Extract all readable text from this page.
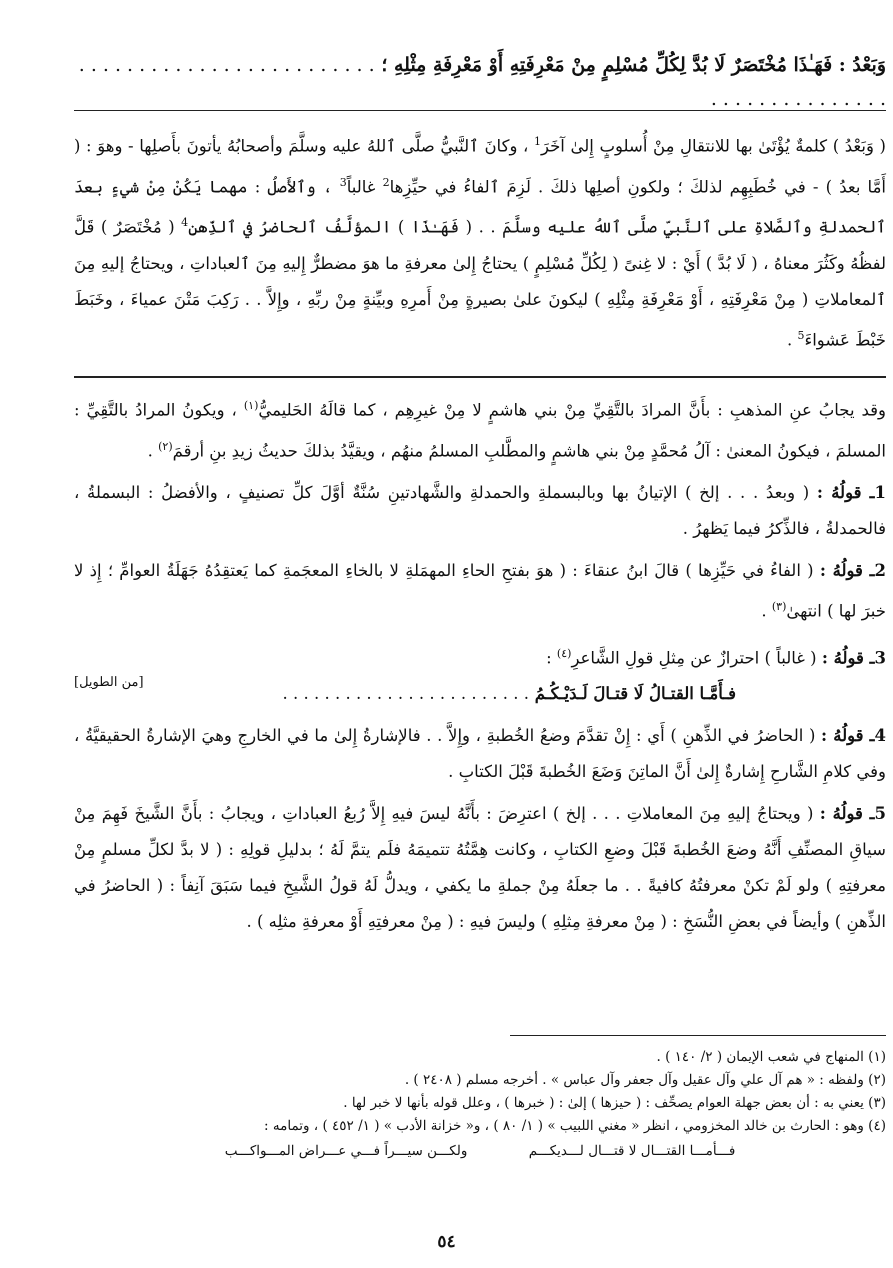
وَبَعْدُ : فَهَـٰذَا مُخْتَصَرٌ لَا بُدَّ لِكُلِّ مُسْلِمٍ مِنْ مَعْرِفَتِهِ أَوْ مَعْرِفَةِ مِثْلِهِ ؛ . . . . . . . . . . . . . . . . . . . . . . . . . . . . . . . . . . . . . . . .

( وَبَعْدُ ) كلمةٌ يُؤْتَىٰ بها للانتقالِ مِنْ أُسلوبٍ إِلىٰ آخَرَ$^1$ ، وكانَ ٱلنَّبيُّ صلَّى ٱللهُ عليه وسلَّمَ وأصحابُهُ يأتونَ بأَصلِها - وهوَ : ( أَمَّا بعدُ ) - في خُطَبِهِم لذلكَ ؛ ولكونِ أصلِها ذلكَ . لَزِمَ ٱلفاءُ في حيِّزِها$^2$ غالباً$^3$ ، وٱلأَصلُ : مهما يَكُنْ مِنْ شيءٍ بعدَ ٱلحمدلةِ وٱلصَّلاةِ على ٱلنَّبيِّ صلَّى ٱللهُ عليه وسلَّمَ . . ( فَهَـٰذَا ) المؤلَّفُ ٱلحاضرُ في ٱلذِّهنِ$^4$ ( مُخْتَصَرٌ ) قَلَّ لفظُهُ وكَثُرَ معناهُ ، ( لَا بُدَّ ) أَيْ : لا غِنىً ( لِكُلِّ مُسْلِمٍ ) يحتاجُ إِلىٰ معرفةِ ما هوَ مضطرٌّ إِليهِ مِنَ ٱلعباداتِ ، ويحتاجُ إليهِ مِنَ ٱلمعاملاتِ ( مِنْ مَعْرِفَتِهِ ، أَوْ مَعْرِفَةِ مِثْلِهِ ) ليكونَ علىٰ بصيرةٍ مِنْ أَمرِهِ وبيِّنةٍ مِنْ ربِّهِ ، وإِلاَّ . . رَكِبَ مَتْنَ عمياءَ ، وخَبَطَ خَبْطَ عَشواءَ$^5$ .

وقد يجابُ عنِ المذهبِ : بأَنَّ المرادَ بالتَّقِيِّ مِنْ بني هاشمٍ لا مِنْ غيرِهِم ، كما قالَهُ الحَليميُّ$^{(١)}$ ، ويكونُ المرادُ بالتَّقِيِّ : المسلمَ ، فيكونُ المعنىٰ : آلُ مُحمَّدٍ مِنْ بني هاشمٍ والمطَّلبِ المسلمُ منهُم ، ويقيَّدُ بذلكَ حديثُ زيدِ بنِ أرقمَ$^{(٢)}$ .

1ـ قولُهُ : ( وبعدُ . . . إلخ ) الإتيانُ بها وبالبسملةِ والحمدلةِ والشَّهادتينِ سُنَّةٌ أوَّلَ كلِّ تصنيفٍ ، والأفضلُ : البسملةُ ، فالحمدلةُ ، فالذِّكرُ فيما يَظهرُ .

2ـ قولُهُ : ( الفاءُ في حَيِّزِها ) قالَ ابنُ عنقاءَ : ( هوَ بفتحِ الحاءِ المهمَلةِ لا بالخاءِ المعجَمةِ كما يَعتقِدُهُ جَهَلَةُ العوامِّ ؛ إِذ لا خبرَ لها ) انتهىٰ$^{(٣)}$ .

3ـ قولُهُ : ( غالباً ) احترازٌ عن مِثلِ قولِ الشَّاعرِ$^{(٤)}$ :
فـأَمَّـا القتـالُ لَا قتـالَ لَـدَيْـكُـمُ . . . . . . . . . . . . . . . . . . . . . . . .

4ـ قولُهُ : ( الحاضرُ في الذِّهنِ ) أَي : إِنْ تقدَّمَ وضعُ الخُطبةِ ، وإِلاَّ . . فالإشارةُ إِلىٰ ما في الخارجِ وهيَ الإشارةُ الحقيقيَّةُ ، وفي كلامِ الشَّارحِ إِشارةٌ إِلىٰ أَنَّ الماتِنَ وَضَعَ الخُطبةَ قَبْلَ الكتابِ .

5ـ قولُهُ : ( ويحتاجُ إليهِ مِنَ المعاملاتِ . . . إلخ ) اعترِضَ : بأَنَّهُ ليسَ فيهِ إِلاَّ رُبعُ العباداتِ ، ويجابُ : بأَنَّ الشَّيخَ فَهِمَ مِنْ سياقِ المصنِّفِ أَنَّهُ وضعَ الخُطبةَ قَبْلَ وضعِ الكتابِ ، وكانت هِمَّتُهُ تتميمَهُ فلَم يتمَّ لَهُ ؛ بدليلِ قولِهِ : ( لا بدَّ لكلِّ مسلمٍ مِنْ معرفتِهِ ) ولو لَمْ تكنْ معرفتُهُ كافيةً . . ما جعلَهُ مِنْ جملةِ ما يكفي ، ويدلُّ لَهُ قولُ الشَّيخِ فيما سَبَقَ آنِفاً : ( الحاضرُ في الذِّهنِ ) وأيضاً في بعضِ النُّسَخِ : ( مِنْ معرفةِ مِثلِهِ ) وليسَ فيهِ : ( مِنْ معرفتِهِ أَوْ معرفةِ مثلِه ) .

[من الطويل]

(١) المنهاج في شعب الإيمان ( ٢/ ١٤٠ ) .

(٢) ولفظه : « هم آل علي وآل عقيل وآل جعفر وآل عباس » . أخرجه مسلم ( ٢٤٠٨ ) .

(٣) يعني به : أن بعض جهلة العوام يصحِّف : ( حيزها ) إلىٰ : ( خبرها ) ، وعلل قوله بأنها لا خبر لها .

(٤) وهو : الحارث بن خالد المخزومي ، انظر « مغني اللبيب » ( ١/ ٨٠ ) ، و« خزانة الأدب » ( ١/ ٤٥٢ ) ، وتمامه :

فـــأمـــا القتـــال لا قتـــال لـــديكـــم
ولكـــن سيـــراً فـــي عـــراض المـــواكـــب
٥٤
